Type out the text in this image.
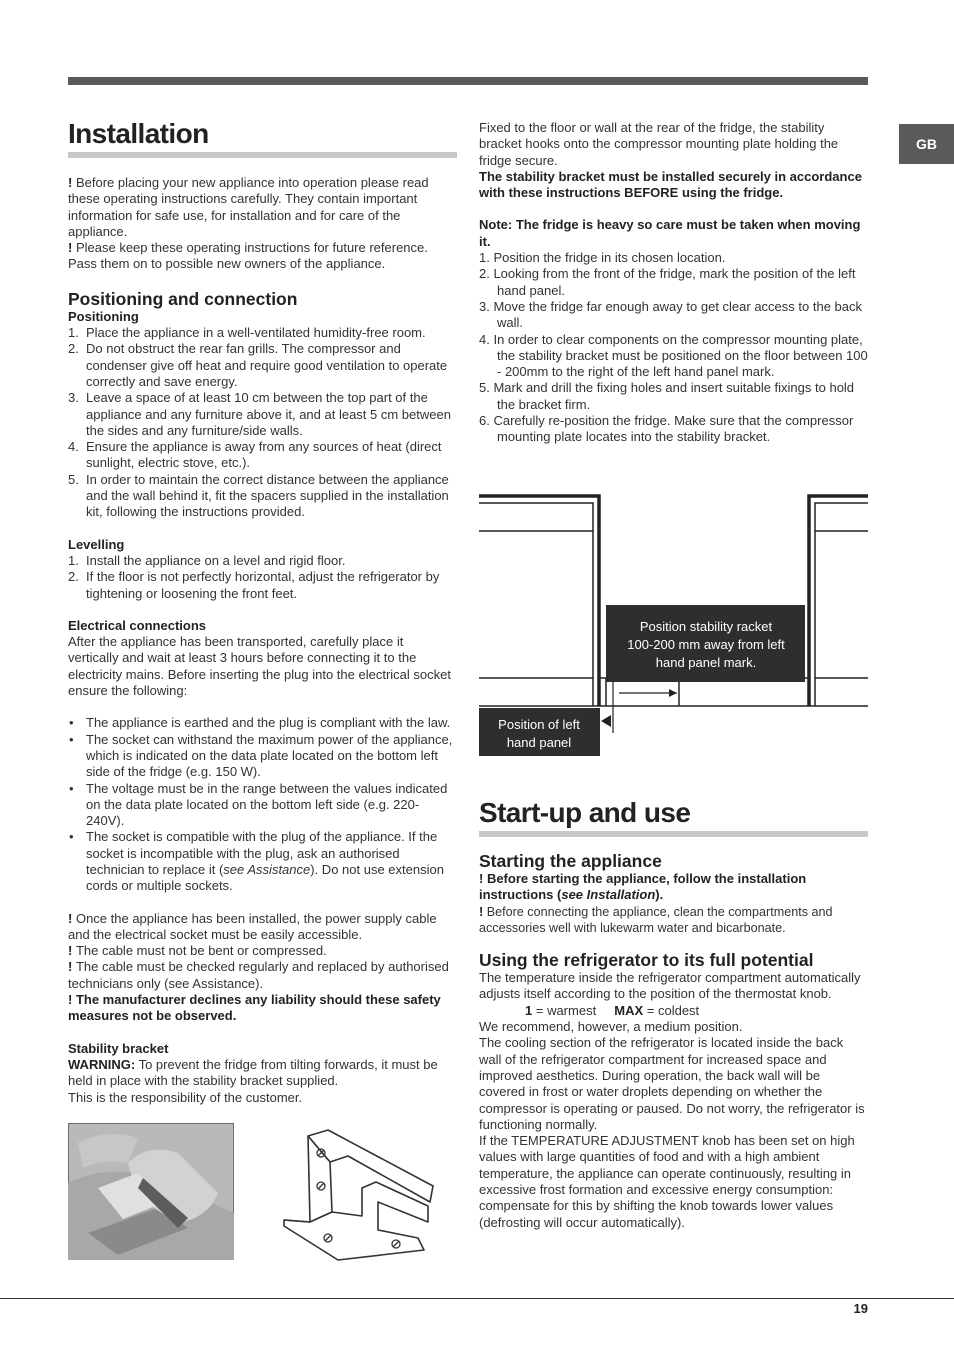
GB
Installation

! Before placing your new appliance into operation please read these operating instructions carefully. They contain important information for safe use, for installation and for care of the appliance.

! Please keep these operating instructions for future reference. Pass them on to possible new owners of the appliance.

Positioning and connection
Positioning
1. Place the appliance in a well-ventilated humidity-free room.
2. Do not obstruct the rear fan grills. The compressor and condenser give off heat and require good ventilation to operate correctly and save energy.
3. Leave a space of at least 10 cm between the top part of the appliance and any furniture above it, and at least 5 cm between the sides and any furniture/side walls.
4. Ensure the appliance is away from any sources of heat (direct sunlight, electric stove, etc.).
5. In order to maintain the correct distance between the appliance and the wall behind it, fit the spacers supplied in the installation kit, following the instructions provided.
Levelling
1. Install the appliance on a level and rigid floor.
2. If the floor is not perfectly horizontal, adjust the refrigerator by tightening or loosening the front feet.
Electrical connections

After the appliance has been transported, carefully place it vertically and wait at least 3 hours before connecting it to the electricity mains. Before inserting the plug into the electrical socket ensure the following:

• The appliance is earthed and the plug is compliant with the law.
• The socket can withstand the maximum power of the appliance, which is indicated on the data plate located on the bottom left side of the fridge (e.g. 150 W).
• The voltage must be in the range between the values indicated on the data plate located on the bottom left side (e.g. 220-240V).
• The socket is compatible with the plug of the appliance. If the socket is incompatible with the plug, ask an authorised technician to replace it (see Assistance). Do not use extension cords or multiple sockets.

! Once the appliance has been installed, the power supply cable and the electrical socket must be easily accessible.

! The cable must not be bent or compressed.

! The cable must be checked regularly and replaced by authorised technicians only (see Assistance).

! The manufacturer declines any liability should these safety measures not be observed.

Stability bracket

WARNING: To prevent the fridge from tilting forwards, it must be held in place with the stability bracket supplied.

This is the responsibility of the customer.

Fixed to the floor or wall at the rear of the fridge, the stability bracket hooks onto the compressor mounting plate holding the fridge secure.

The stability bracket must be installed securely in accordance with these instructions BEFORE using the fridge.

Note: The fridge is heavy so care must be taken when moving it.

1. Position the fridge in its chosen location.
2. Looking from the front of the fridge, mark the position of the left hand panel.
3. Move the fridge far enough away to get clear access to the back wall.
4. In order to clear components on the compressor mounting plate, the stability bracket must be positioned on the floor between 100 - 200mm to the right of the left hand panel mark.
5. Mark and drill the fixing holes and insert suitable fixings to hold the bracket firm.
6. Carefully re-position the fridge. Make sure that the compressor mounting plate locates into the stability bracket.
Position stability racket
100-200 mm away from left
hand panel mark.
Position of left
hand panel
Start-up and use
Starting the appliance

! Before starting the appliance, follow the installation instructions (see Installation).

! Before connecting the appliance, clean the compartments and accessories well with lukewarm water and bicarbonate.

Using the refrigerator to its full potential

The temperature inside the refrigerator compartment automatically adjusts itself according to the position of the thermostat knob.

1 = warmest MAX = coldest

We recommend, however, a medium position.

The cooling section of the refrigerator is located inside the back wall of the refrigerator compartment for increased space and improved aesthetics. During operation, the back wall will be covered in frost or water droplets depending on whether the compressor is operating or paused. Do not worry, the refrigerator is functioning normally.

If the TEMPERATURE ADJUSTMENT knob has been set on high values with large quantities of food and with a high ambient temperature, the appliance can operate continuously, resulting in excessive frost formation and excessive energy consumption: compensate for this by shifting the knob towards lower values (defrosting will occur automatically).

19
